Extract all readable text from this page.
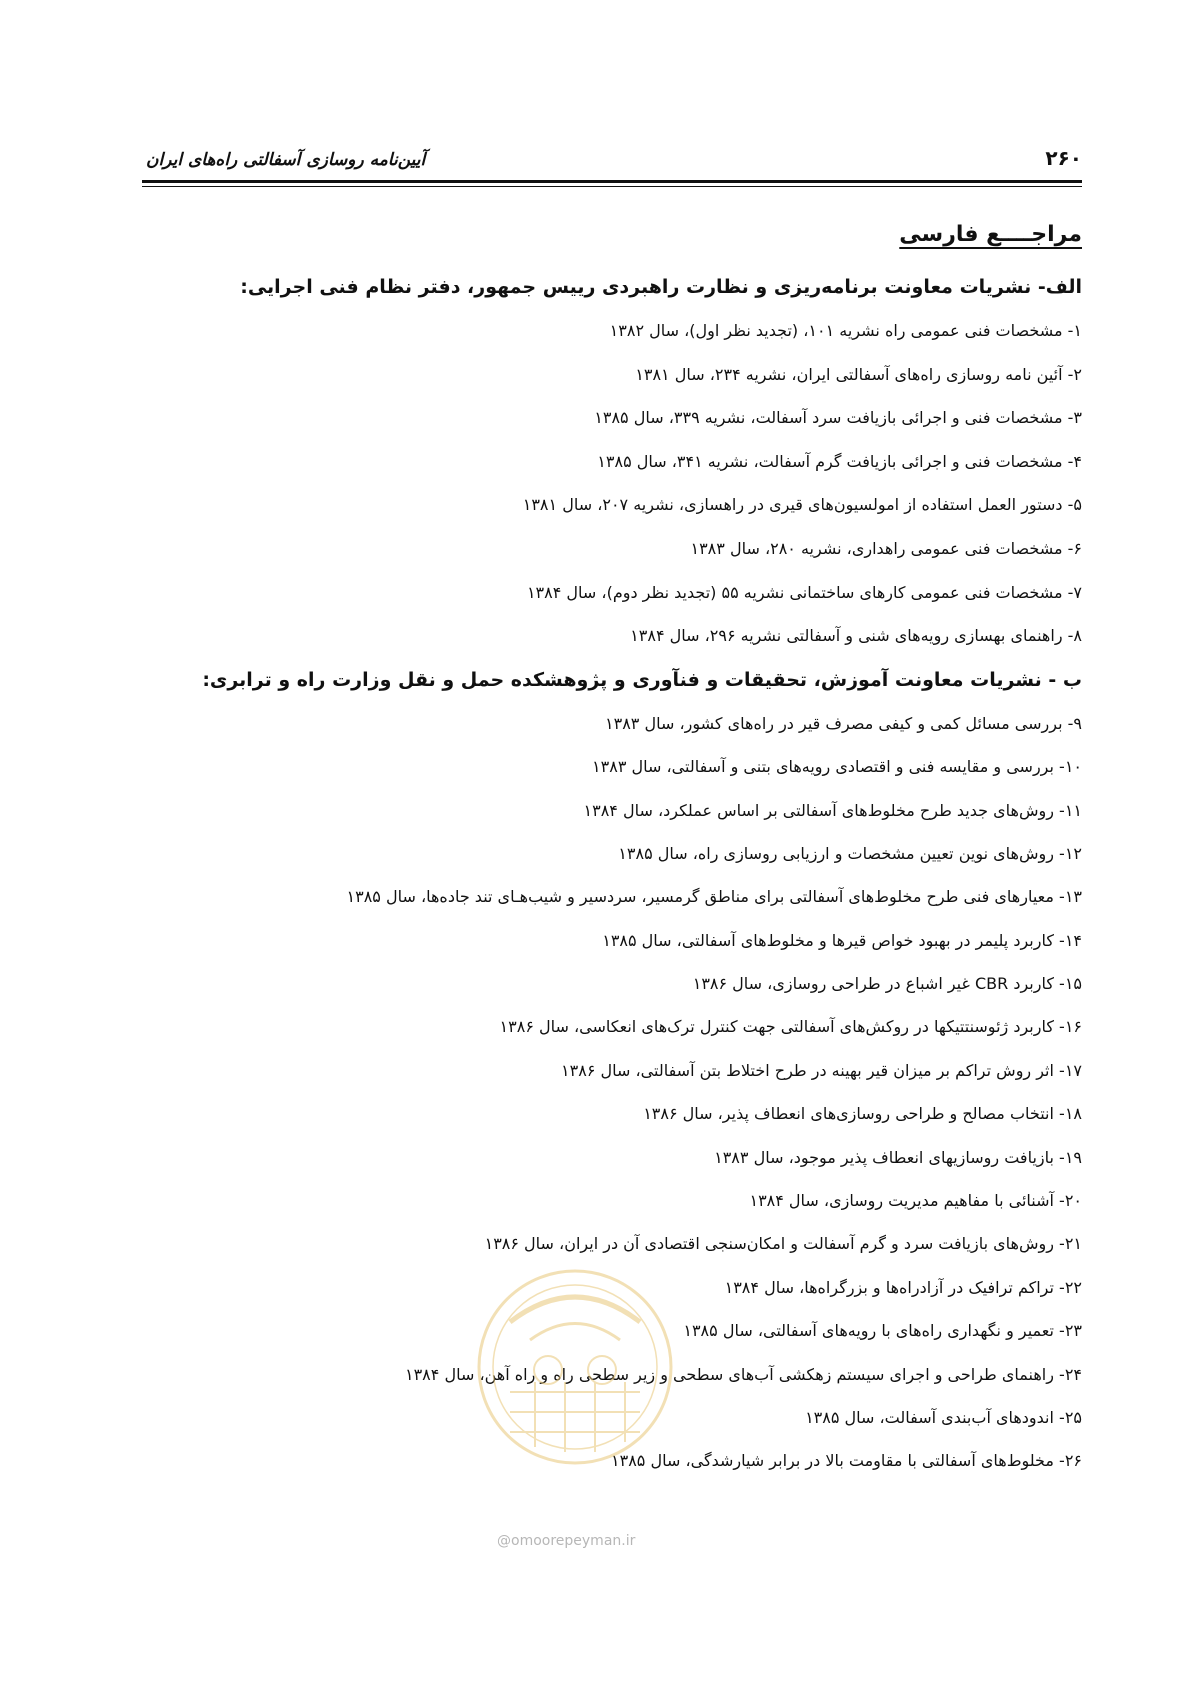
۲۶۰
آیین‌نامه روسازی آسفالتی راه‌های ایران
مراجــــع فارسی
الف- نشریات معاونت برنامه‌ریزی و نظارت راهبردی رییس جمهور، دفتر نظام فنی اجرایی:
۱- مشخصات فنی عمومی راه نشریه ۱۰۱، (تجدید نظر اول)، سال ۱۳۸۲
۲- آئین نامه روسازی راه‌های آسفالتی ایران، نشریه ۲۳۴، سال ۱۳۸۱
۳- مشخصات فنی و اجرائی بازیافت سرد آسفالت، نشریه ۳۳۹، سال ۱۳۸۵
۴- مشخصات فنی و اجرائی بازیافت گرم آسفالت، نشریه ۳۴۱، سال ۱۳۸۵
۵- دستور العمل استفاده از امولسیون‌های قیری در راهسازی، نشریه ۲۰۷، سال ۱۳۸۱
۶- مشخصات فنی عمومی راهداری، نشریه ۲۸۰، سال ۱۳۸۳
۷- مشخصات فنی عمومی کارهای ساختمانی نشریه ۵۵ (تجدید نظر دوم)، سال ۱۳۸۴
۸- راهنمای بهسازی رویه‌های شنی و آسفالتی نشریه ۲۹۶، سال ۱۳۸۴
ب - نشریات معاونت آموزش، تحقیقات و فنآوری و پژوهشکده حمل و نقل وزارت راه و ترابری:
۹- بررسی مسائل کمی و کیفی مصرف قیر در راه‌های کشور، سال ۱۳۸۳
۱۰- بررسی و مقایسه فنی و اقتصادی رویه‌های بتنی و آسفالتی، سال ۱۳۸۳
۱۱- روش‌های جدید طرح مخلوط‌های آسفالتی بر اساس عملکرد، سال ۱۳۸۴
۱۲- روش‌های نوین تعیین مشخصات و ارزیابی روسازی راه، سال ۱۳۸۵
۱۳- معیارهای فنی طرح مخلوط‌های آسفالتی برای مناطق گرمسیر، سردسیر و شیب‌هـای تند جاده‌ها، سال ۱۳۸۵
۱۴- کاربرد پلیمر در بهبود خواص قیرها و مخلوط‌های آسفالتی، سال ۱۳۸۵
۱۵- کاربرد CBR غیر اشباع در طراحی روسازی، سال ۱۳۸۶
۱۶- کاربرد ژئوسنتتیکها در روکش‌های آسفالتی جهت کنترل ترک‌های انعکاسی، سال ۱۳۸۶
۱۷- اثر روش تراکم بر میزان قیر بهینه در طرح اختلاط بتن آسفالتی، سال ۱۳۸۶
۱۸- انتخاب مصالح و طراحی روسازی‌های انعطاف پذیر، سال ۱۳۸۶
۱۹- بازیافت روسازیهای انعطاف پذیر موجود، سال ۱۳۸۳
۲۰- آشنائی با مفاهیم مدیریت روسازی، سال ۱۳۸۴
۲۱- روش‌های بازیافت سرد و گرم آسفالت و امکان‌سنجی اقتصادی آن در ایران، سال ۱۳۸۶
۲۲- تراکم ترافیک در آزادراه‌ها و بزرگراه‌ها، سال ۱۳۸۴
۲۳- تعمیر و نگهداری راه‌های با رویه‌های آسفالتی، سال ۱۳۸۵
۲۴- راهنمای طراحی و اجرای سیستم زهکشی آب‌های سطحی و زیر سطحی راه و راه آهن، سال ۱۳۸۴
۲۵- اندودهای آب‌بندی آسفالت، سال ۱۳۸۵
۲۶- مخلوط‌های آسفالتی با مقاومت بالا در برابر شیارشدگی، سال ۱۳۸۵
@omoorepeyman.ir
